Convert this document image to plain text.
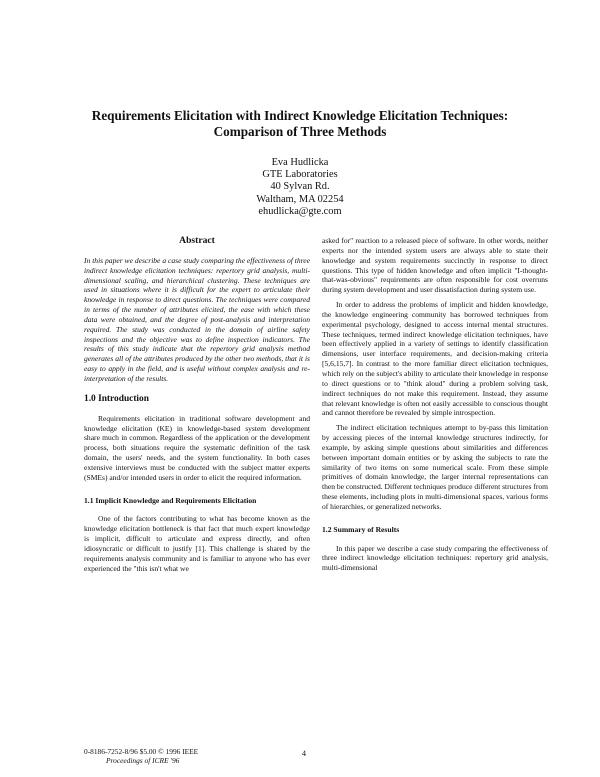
Requirements Elicitation with Indirect Knowledge Elicitation Techniques:
Comparison of Three Methods
Eva Hudlicka
GTE Laboratories
40 Sylvan Rd.
Waltham, MA 02254
ehudlicka@gte.com
Abstract

In this paper we describe a case study comparing the effectiveness of three indirect knowledge elicitation techniques: repertory grid analysis, multi-dimensional scaling, and hierarchical clustering. These techniques are used in situations where it is difficult for the expert to articulate their knowledge in response to direct questions. The techniques were compared in terms of the number of attributes elicited, the ease with which these data were obtained, and the degree of post-analysis and interpretation required. The study was conducted in the domain of airline safety inspections and the objective was to define inspection indicators. The results of this study indicate that the repertory grid analysis method generates all of the attributes produced by the other two methods, that it is easy to apply in the field, and is useful without complex analysis and re-interpretation of the results.

1.0 Introduction

Requirements elicitation in traditional software development and knowledge elicitation (KE) in knowledge-based system development share much in common. Regardless of the application or the development process, both situations require the systematic definition of the task domain, the users' needs, and the system functionality. In both cases extensive interviews must be conducted with the subject matter experts (SMEs) and/or intended users in order to elicit the required information.

1.1 Implicit Knowledge and Requirements Elicitation

One of the factors contributing to what has become known as the knowledge elicitation bottleneck is that fact that much expert knowledge is implicit, difficult to articulate and express directly, and often idiosyncratic or difficult to justify [1]. This challenge is shared by the requirements analysis community and is familiar to anyone who has ever experienced the "this isn't what we

asked for" reaction to a released piece of software. In other words, neither experts nor the intended system users are always able to state their knowledge and system requirements succinctly in response to direct questions. This type of hidden knowledge and often implicit "I-thought-that-was-obvious" requirements are often responsible for cost overruns during system development and user dissatisfaction during system use.

In order to address the problems of implicit and hidden knowledge, the knowledge engineering community has borrowed techniques from experimental psychology, designed to access internal mental structures. These techniques, termed indirect knowledge elicitation techniques, have been effectively applied in a variety of settings to identify classification dimensions, user interface requirements, and decision-making criteria [5,6,15,7]. In contrast to the more familiar direct elicitation techniques, which rely on the subject's ability to articulate their knowledge in response to direct questions or to "think aloud" during a problem solving task, indirect techniques do not make this requirement. Instead, they assume that relevant knowledge is often not easily accessible to conscious thought and cannot therefore be revealed by simple introspection.

The indirect elicitation techniques attempt to by-pass this limitation by accessing pieces of the internal knowledge structures indirectly, for example, by asking simple questions about similarities and differences between important domain entities or by asking the subjects to rate the similarity of two items on some numerical scale. From these simple primitives of domain knowledge, the larger internal representations can then be constructed. Different techniques produce different structures from these elements, including plots in multi-dimensional spaces, various forms of hierarchies, or generalized networks.

1.2 Summary of Results

In this paper we describe a case study comparing the effectiveness of three indirect knowledge elicitation techniques: repertory grid analysis, multi-dimensional

0-8186-7252-8/96 $5.00 © 1996 IEEE
Proceedings of ICRE '96
4
